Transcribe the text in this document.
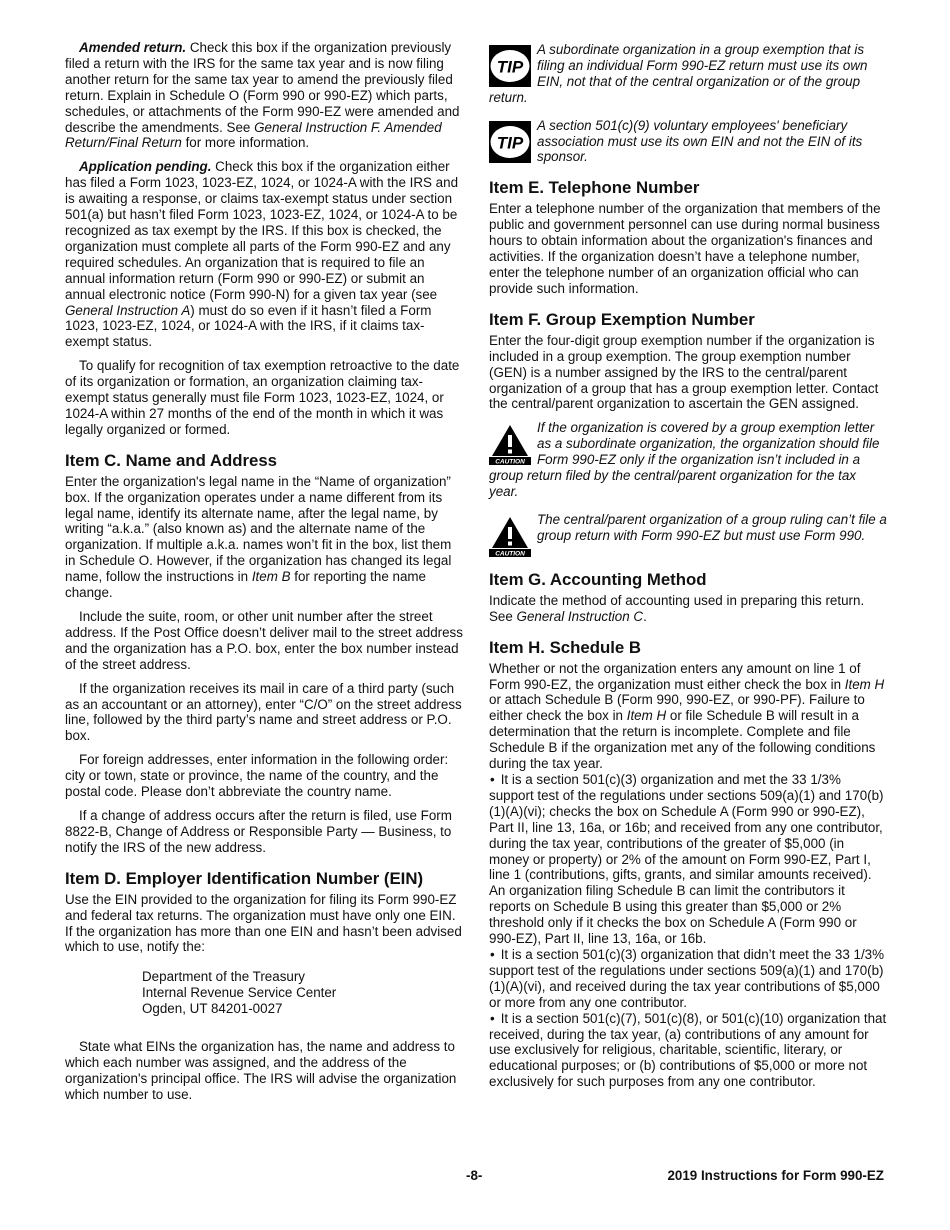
Amended return. Check this box if the organization previously filed a return with the IRS for the same tax year and is now filing another return for the same tax year to amend the previously filed return. Explain in Schedule O (Form 990 or 990-EZ) which parts, schedules, or attachments of the Form 990-EZ were amended and describe the amendments. See General Instruction F. Amended Return/Final Return for more information.

Application pending. Check this box if the organization either has filed a Form 1023, 1023-EZ, 1024, or 1024-A with the IRS and is awaiting a response, or claims tax-exempt status under section 501(a) but hasn’t filed Form 1023, 1023-EZ, 1024, or 1024-A to be recognized as tax exempt by the IRS. If this box is checked, the organization must complete all parts of the Form 990-EZ and any required schedules. An organization that is required to file an annual information return (Form 990 or 990-EZ) or submit an annual electronic notice (Form 990-N) for a given tax year (see General Instruction A) must do so even if it hasn’t filed a Form 1023, 1023-EZ, 1024, or 1024-A with the IRS, if it claims tax-exempt status.

To qualify for recognition of tax exemption retroactive to the date of its organization or formation, an organization claiming tax-exempt status generally must file Form 1023, 1023-EZ, 1024, or 1024-A within 27 months of the end of the month in which it was legally organized or formed.

Item C. Name and Address

Enter the organization's legal name in the “Name of organization” box. If the organization operates under a name different from its legal name, identify its alternate name, after the legal name, by writing “a.k.a.” (also known as) and the alternate name of the organization. If multiple a.k.a. names won’t fit in the box, list them in Schedule O. However, if the organization has changed its legal name, follow the instructions in Item B for reporting the name change.

Include the suite, room, or other unit number after the street address. If the Post Office doesn’t deliver mail to the street address and the organization has a P.O. box, enter the box number instead of the street address.

If the organization receives its mail in care of a third party (such as an accountant or an attorney), enter “C/O” on the street address line, followed by the third party’s name and street address or P.O. box.

For foreign addresses, enter information in the following order: city or town, state or province, the name of the country, and the postal code. Please don’t abbreviate the country name.

If a change of address occurs after the return is filed, use Form 8822-B, Change of Address or Responsible Party — Business, to notify the IRS of the new address.

Item D. Employer Identification Number (EIN)

Use the EIN provided to the organization for filing its Form 990-EZ and federal tax returns. The organization must have only one EIN. If the organization has more than one EIN and hasn’t been advised which to use, notify the:

Department of the Treasury
Internal Revenue Service Center
Ogden, UT 84201-0027

State what EINs the organization has, the name and address to which each number was assigned, and the address of the organization's principal office. The IRS will advise the organization which number to use.

TIP
A subordinate organization in a group exemption that is filing an individual Form 990-EZ return must use its own EIN, not that of the central organization or of the group return.
TIP
A section 501(c)(9) voluntary employees' beneficiary association must use its own EIN and not the EIN of its sponsor.
Item E. Telephone Number

Enter a telephone number of the organization that members of the public and government personnel can use during normal business hours to obtain information about the organization's finances and activities. If the organization doesn’t have a telephone number, enter the telephone number of an organization official who can provide such information.

Item F. Group Exemption Number

Enter the four-digit group exemption number if the organization is included in a group exemption. The group exemption number (GEN) is a number assigned by the IRS to the central/parent organization of a group that has a group exemption letter. Contact the central/parent organization to ascertain the GEN assigned.

CAUTION
If the organization is covered by a group exemption letter as a subordinate organization, the organization should file Form 990-EZ only if the organization isn’t included in a group return filed by the central/parent organization for the tax year.
CAUTION
The central/parent organization of a group ruling can’t file a group return with Form 990-EZ but must use Form 990.
Item G. Accounting Method

Indicate the method of accounting used in preparing this return. See General Instruction C.

Item H. Schedule B

Whether or not the organization enters any amount on line 1 of Form 990-EZ, the organization must either check the box in Item H or attach Schedule B (Form 990, 990-EZ, or 990-PF). Failure to either check the box in Item H or file Schedule B will result in a determination that the return is incomplete. Complete and file Schedule B if the organization met any of the following conditions during the tax year.

• It is a section 501(c)(3) organization and met the 33 1/3% support test of the regulations under sections 509(a)(1) and 170(b)(1)(A)(vi); checks the box on Schedule A (Form 990 or 990-EZ), Part II, line 13, 16a, or 16b; and received from any one contributor, during the tax year, contributions of the greater of $5,000 (in money or property) or 2% of the amount on Form 990-EZ, Part I, line 1 (contributions, gifts, grants, and similar amounts received). An organization filing Schedule B can limit the contributors it reports on Schedule B using this greater than $5,000 or 2% threshold only if it checks the box on Schedule A (Form 990 or 990-EZ), Part II, line 13, 16a, or 16b.

• It is a section 501(c)(3) organization that didn’t meet the 33 1/3% support test of the regulations under sections 509(a)(1) and 170(b)(1)(A)(vi), and received during the tax year contributions of $5,000 or more from any one contributor.

• It is a section 501(c)(7), 501(c)(8), or 501(c)(10) organization that received, during the tax year, (a) contributions of any amount for use exclusively for religious, charitable, scientific, literary, or educational purposes; or (b) contributions of $5,000 or more not exclusively for such purposes from any one contributor.

-8-	2019 Instructions for Form 990-EZ
